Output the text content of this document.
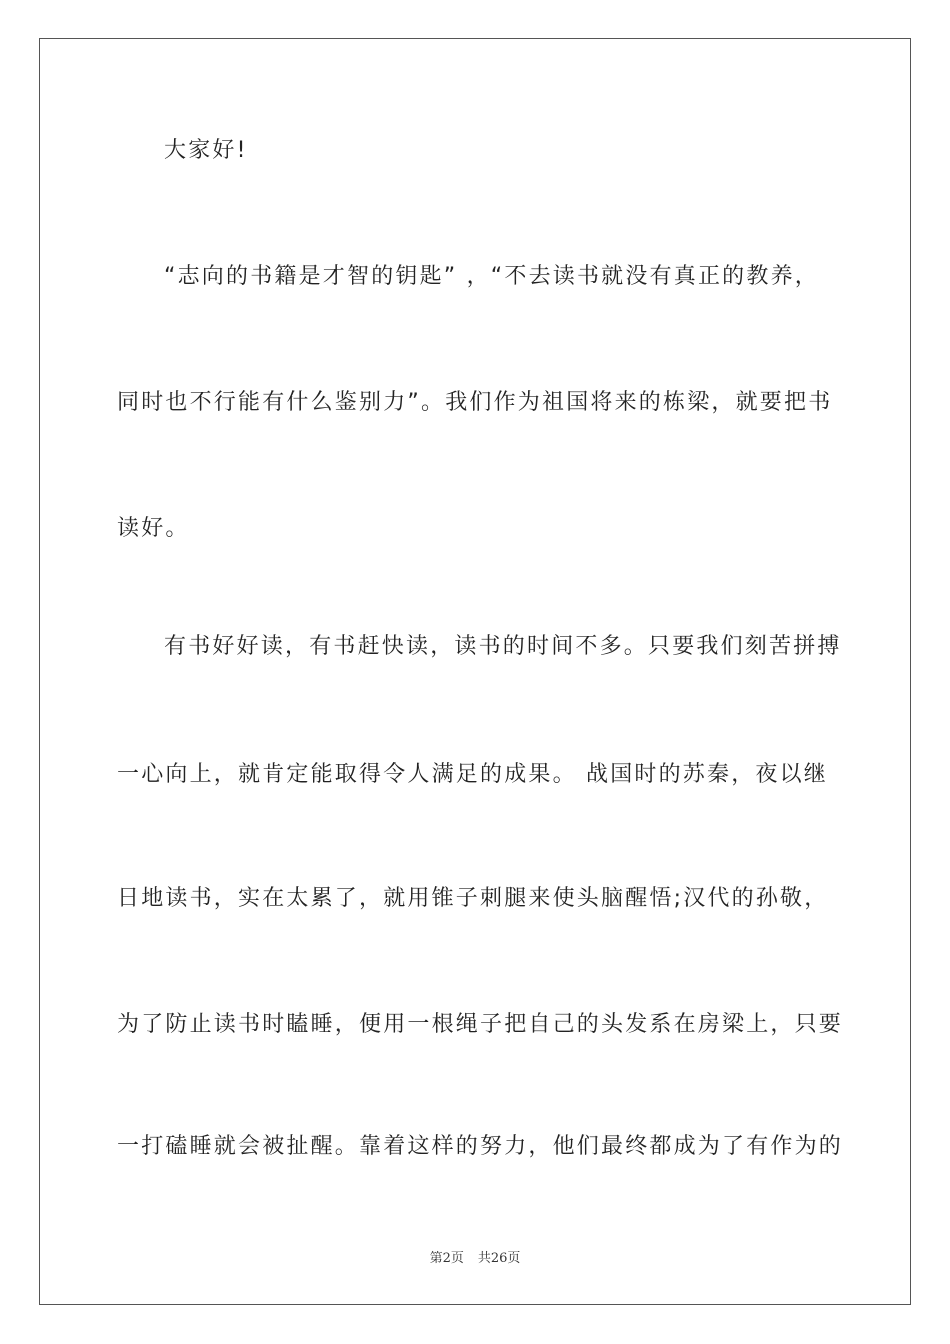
大家好!

“志向的书籍是才智的钥匙” ，“不去读书就没有真正的教养，

同时也不行能有什么鉴别力”。我们作为祖国将来的栋梁，就要把书

读好。

有书好好读，有书赶快读，读书的时间不多。只要我们刻苦拼搏

一心向上，就肯定能取得令人满足的成果。 战国时的苏秦，夜以继

日地读书，实在太累了，就用锥子刺腿来使头脑醒悟;汉代的孙敬，

为了防止读书时瞌睡，便用一根绳子把自己的头发系在房梁上，只要

一打磕睡就会被扯醒。靠着这样的努力，他们最终都成为了有作为的

第2页 共26页
